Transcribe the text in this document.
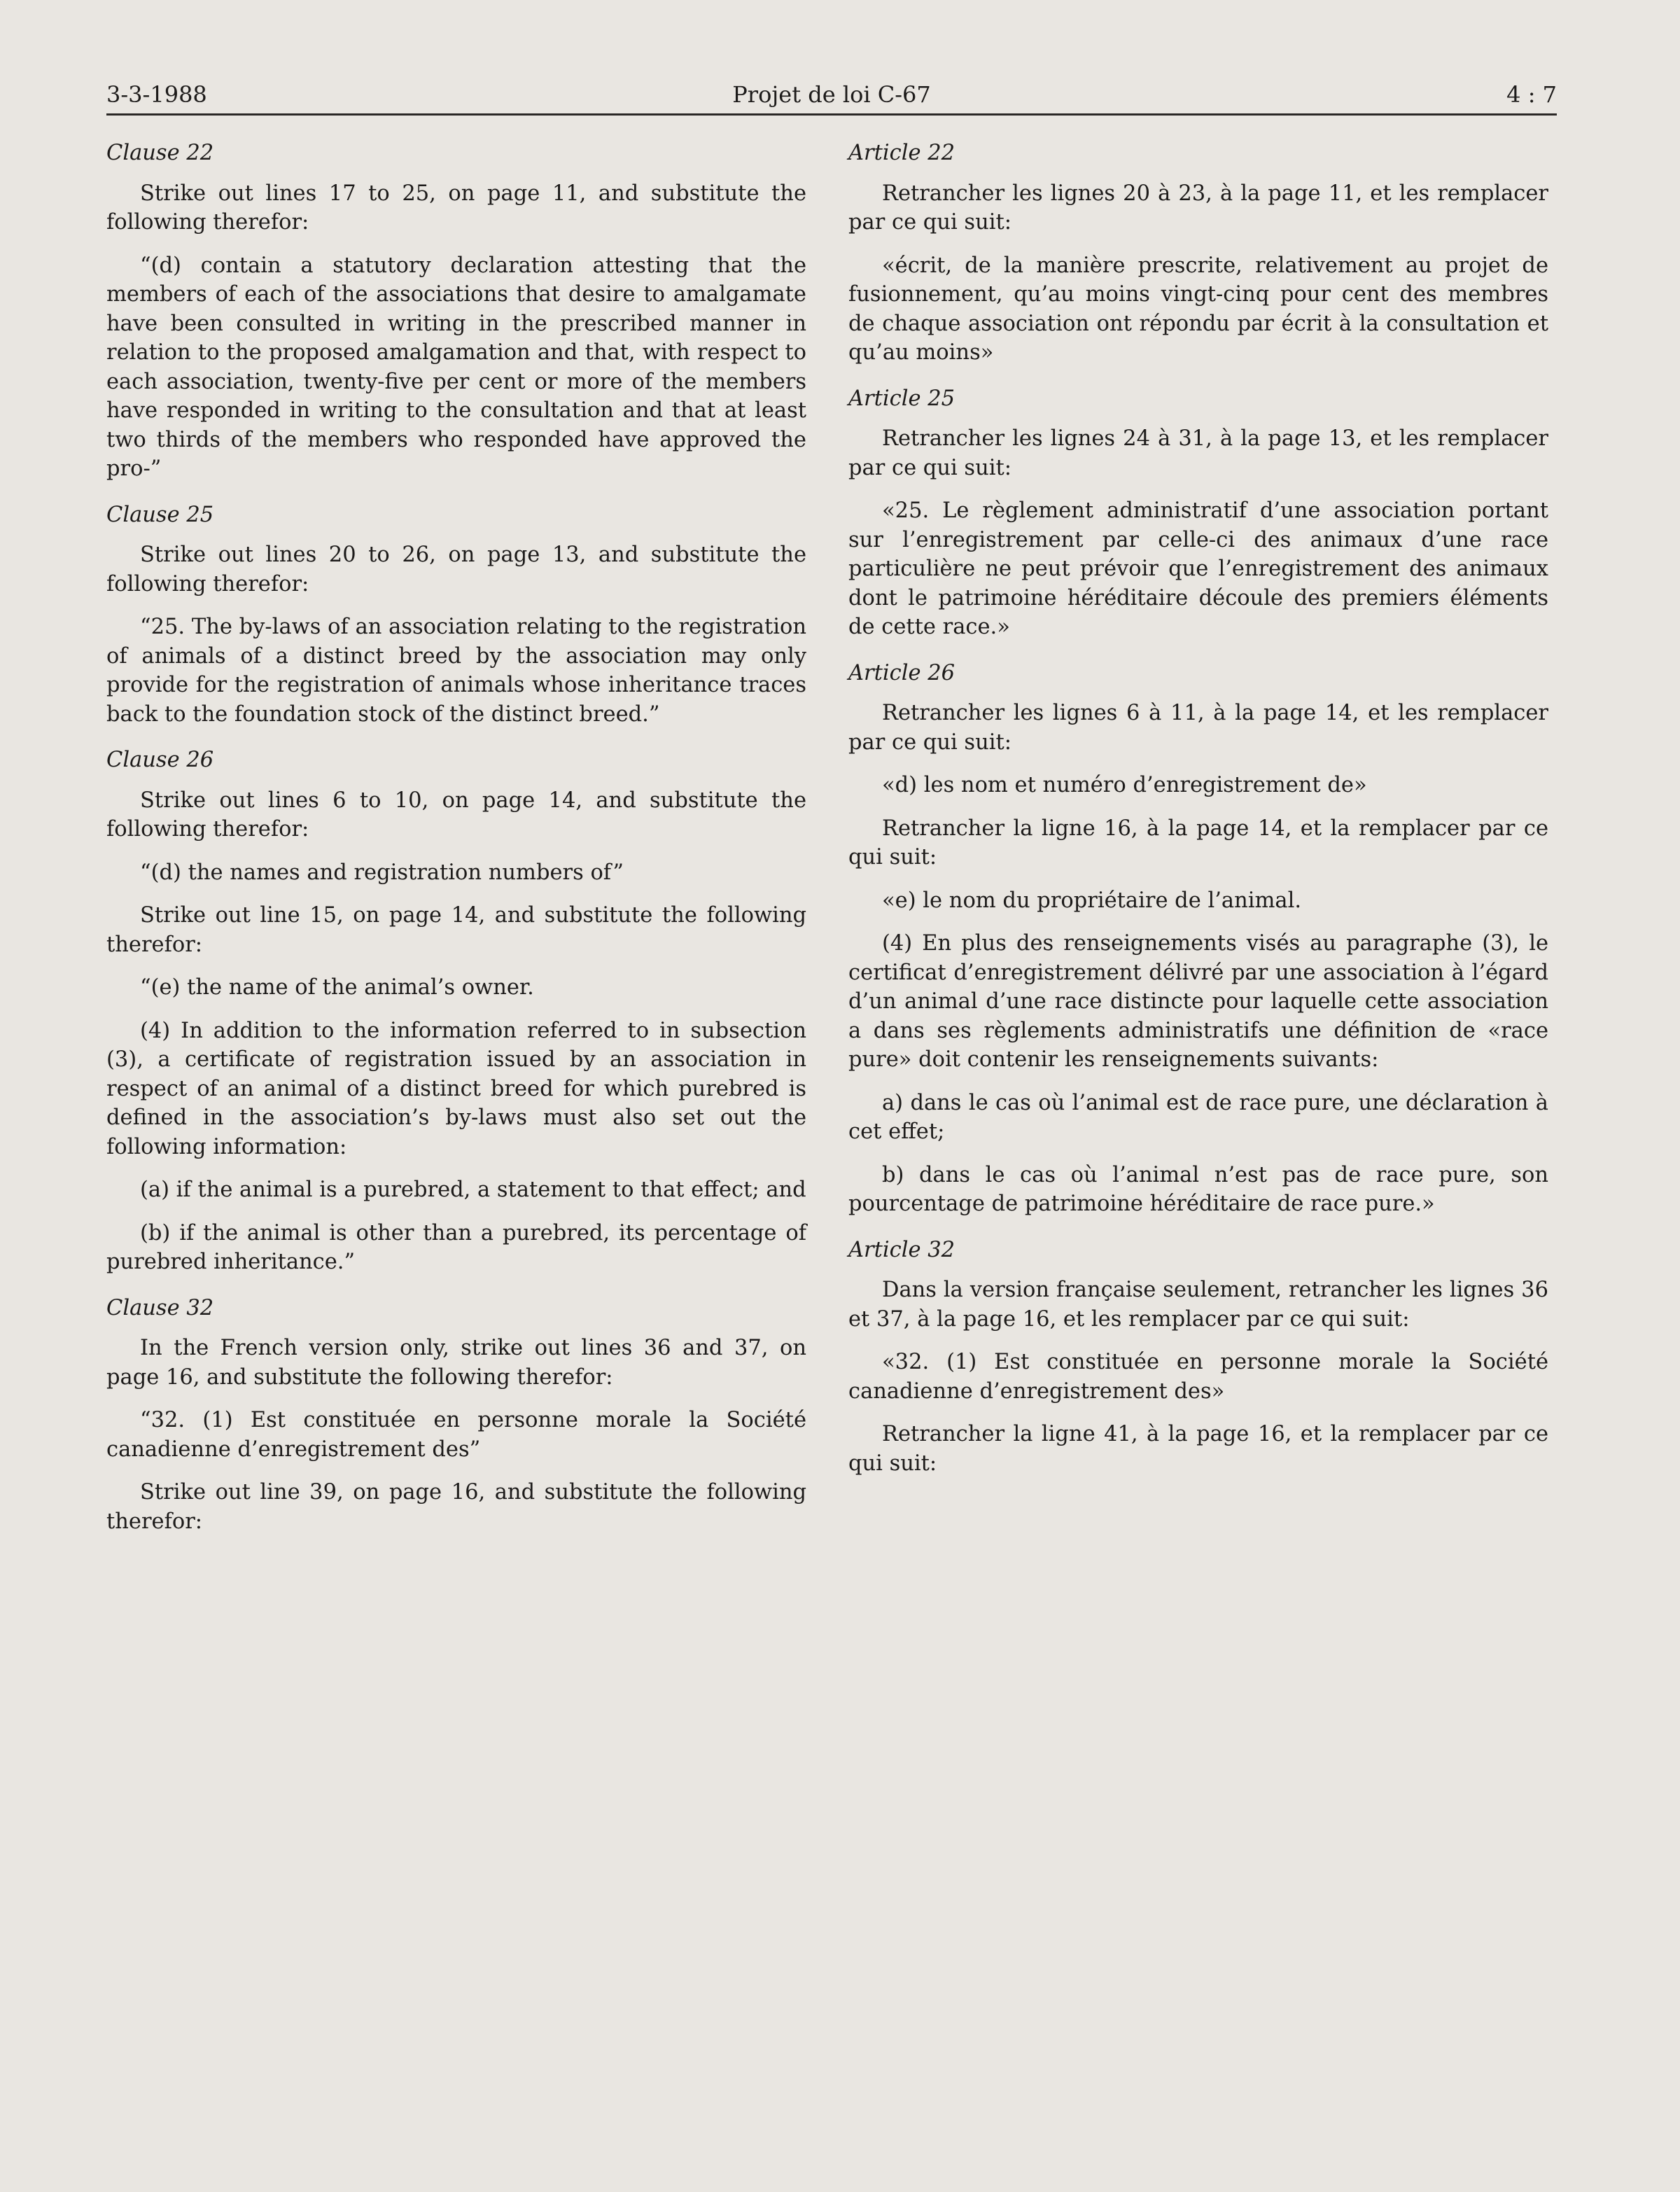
3-3-1988	Projet de loi C-67	4 : 7
Clause 22
Strike out lines 17 to 25, on page 11, and substitute the following therefor:
“(d) contain a statutory declaration attesting that the members of each of the associations that desire to amalgamate have been consulted in writing in the prescribed manner in relation to the proposed amalgamation and that, with respect to each association, twenty-five per cent or more of the members have responded in writing to the consultation and that at least two thirds of the members who responded have approved the pro-”
Clause 25
Strike out lines 20 to 26, on page 13, and substitute the following therefor:
“25. The by-laws of an association relating to the registration of animals of a distinct breed by the association may only provide for the registration of animals whose inheritance traces back to the foundation stock of the distinct breed.”
Clause 26
Strike out lines 6 to 10, on page 14, and substitute the following therefor:
“(d) the names and registration numbers of”
Strike out line 15, on page 14, and substitute the following therefor:
“(e) the name of the animal’s owner.
(4) In addition to the information referred to in subsection (3), a certificate of registration issued by an association in respect of an animal of a distinct breed for which purebred is defined in the association’s by-laws must also set out the following information:
(a) if the animal is a purebred, a statement to that effect; and
(b) if the animal is other than a purebred, its percentage of purebred inheritance.”
Clause 32
In the French version only, strike out lines 36 and 37, on page 16, and substitute the following therefor:
“32. (1) Est constituée en personne morale la Société canadienne d’enregistrement des”
Strike out line 39, on page 16, and substitute the following therefor:
Article 22
Retrancher les lignes 20 à 23, à la page 11, et les remplacer par ce qui suit:
«écrit, de la manière prescrite, relativement au projet de fusionnement, qu’au moins vingt-cinq pour cent des membres de chaque association ont répondu par écrit à la consultation et qu’au moins»
Article 25
Retrancher les lignes 24 à 31, à la page 13, et les remplacer par ce qui suit:
«25. Le règlement administratif d’une association portant sur l’enregistrement par celle-ci des animaux d’une race particulière ne peut prévoir que l’enregistrement des animaux dont le patrimoine héréditaire découle des premiers éléments de cette race.»
Article 26
Retrancher les lignes 6 à 11, à la page 14, et les remplacer par ce qui suit:
«d) les nom et numéro d’enregistrement de»
Retrancher la ligne 16, à la page 14, et la remplacer par ce qui suit:
«e) le nom du propriétaire de l’animal.
(4) En plus des renseignements visés au paragraphe (3), le certificat d’enregistrement délivré par une association à l’égard d’un animal d’une race distincte pour laquelle cette association a dans ses règlements administratifs une définition de «race pure» doit contenir les renseignements suivants:
a) dans le cas où l’animal est de race pure, une déclaration à cet effet;
b) dans le cas où l’animal n’est pas de race pure, son pourcentage de patrimoine héréditaire de race pure.»
Article 32
Dans la version française seulement, retrancher les lignes 36 et 37, à la page 16, et les remplacer par ce qui suit:
«32. (1) Est constituée en personne morale la Société canadienne d’enregistrement des»
Retrancher la ligne 41, à la page 16, et la remplacer par ce qui suit:
